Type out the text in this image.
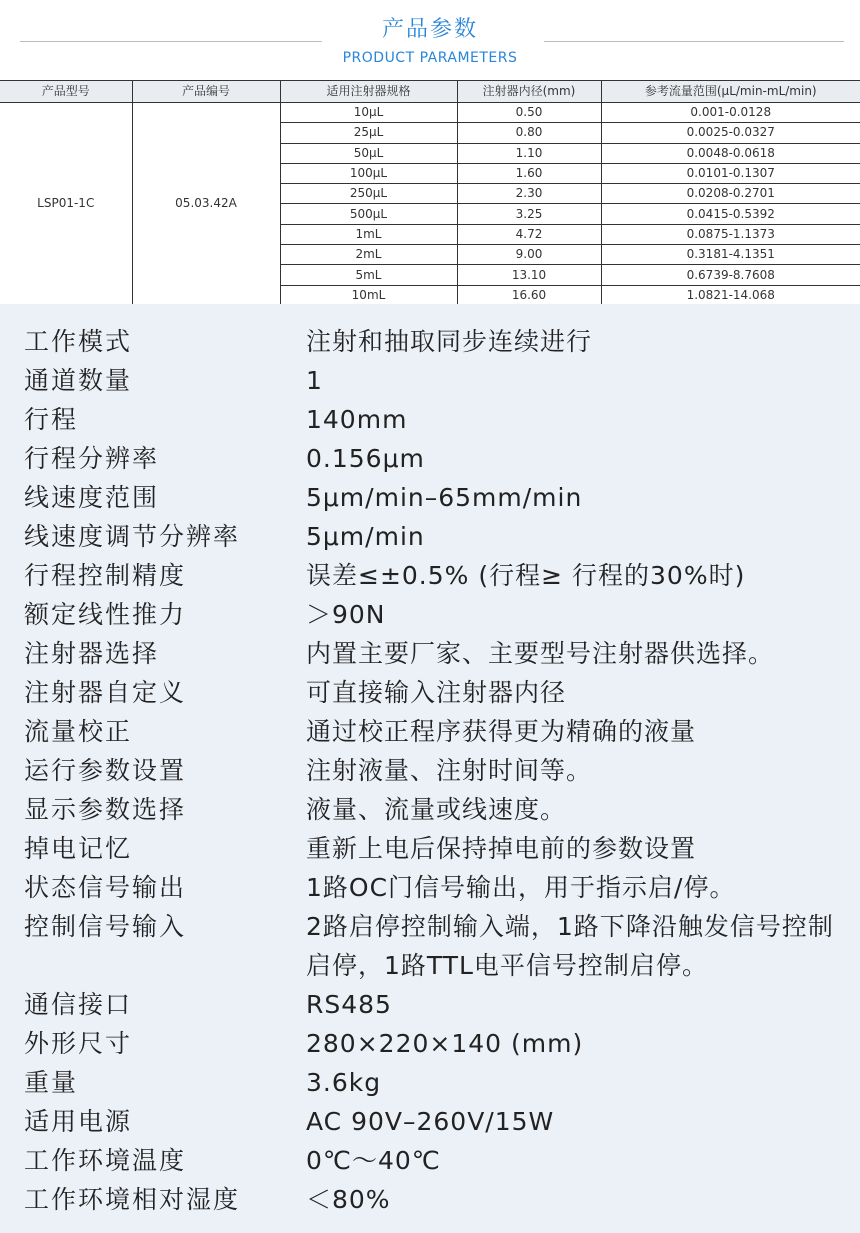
产品参数
PRODUCT PARAMETERS
产品型号	产品编号	适用注射器规格	注射器内径(mm)	参考流量范围(μL/min-mL/min)
LSP01-1C	05.03.42A	10μL	0.50	0.001-0.0128
		25μL	0.80	0.0025-0.0327
		50μL	1.10	0.0048-0.0618
		100μL	1.60	0.0101-0.1307
		250μL	2.30	0.0208-0.2701
		500μL	3.25	0.0415-0.5392
		1mL	4.72	0.0875-1.1373
		2mL	9.00	0.3181-4.1351
		5mL	13.10	0.6739-8.7608
		10mL	16.60	1.0821-14.068
工作模式	注射和抽取同步连续进行
通道数量	1
行程	140mm
行程分辨率	0.156μm
线速度范围	5μm/min–65mm/min
线速度调节分辨率	5μm/min
行程控制精度	误差≤±0.5% (行程≥ 行程的30%时)
额定线性推力	＞90N
注射器选择	内置主要厂家、主要型号注射器供选择。
注射器自定义	可直接输入注射器内径
流量校正	通过校正程序获得更为精确的液量
运行参数设置	注射液量、注射时间等。
显示参数选择	液量、流量或线速度。
掉电记忆	重新上电后保持掉电前的参数设置
状态信号输出	1路OC门信号输出，用于指示启/停。
控制信号输入	2路启停控制输入端，1路下降沿触发信号控制启停，1路TTL电平信号控制启停。
通信接口	RS485
外形尺寸	280×220×140 (mm)
重量	3.6kg
适用电源	AC 90V–260V/15W
工作环境温度	0℃～40℃
工作环境相对湿度	＜80%
